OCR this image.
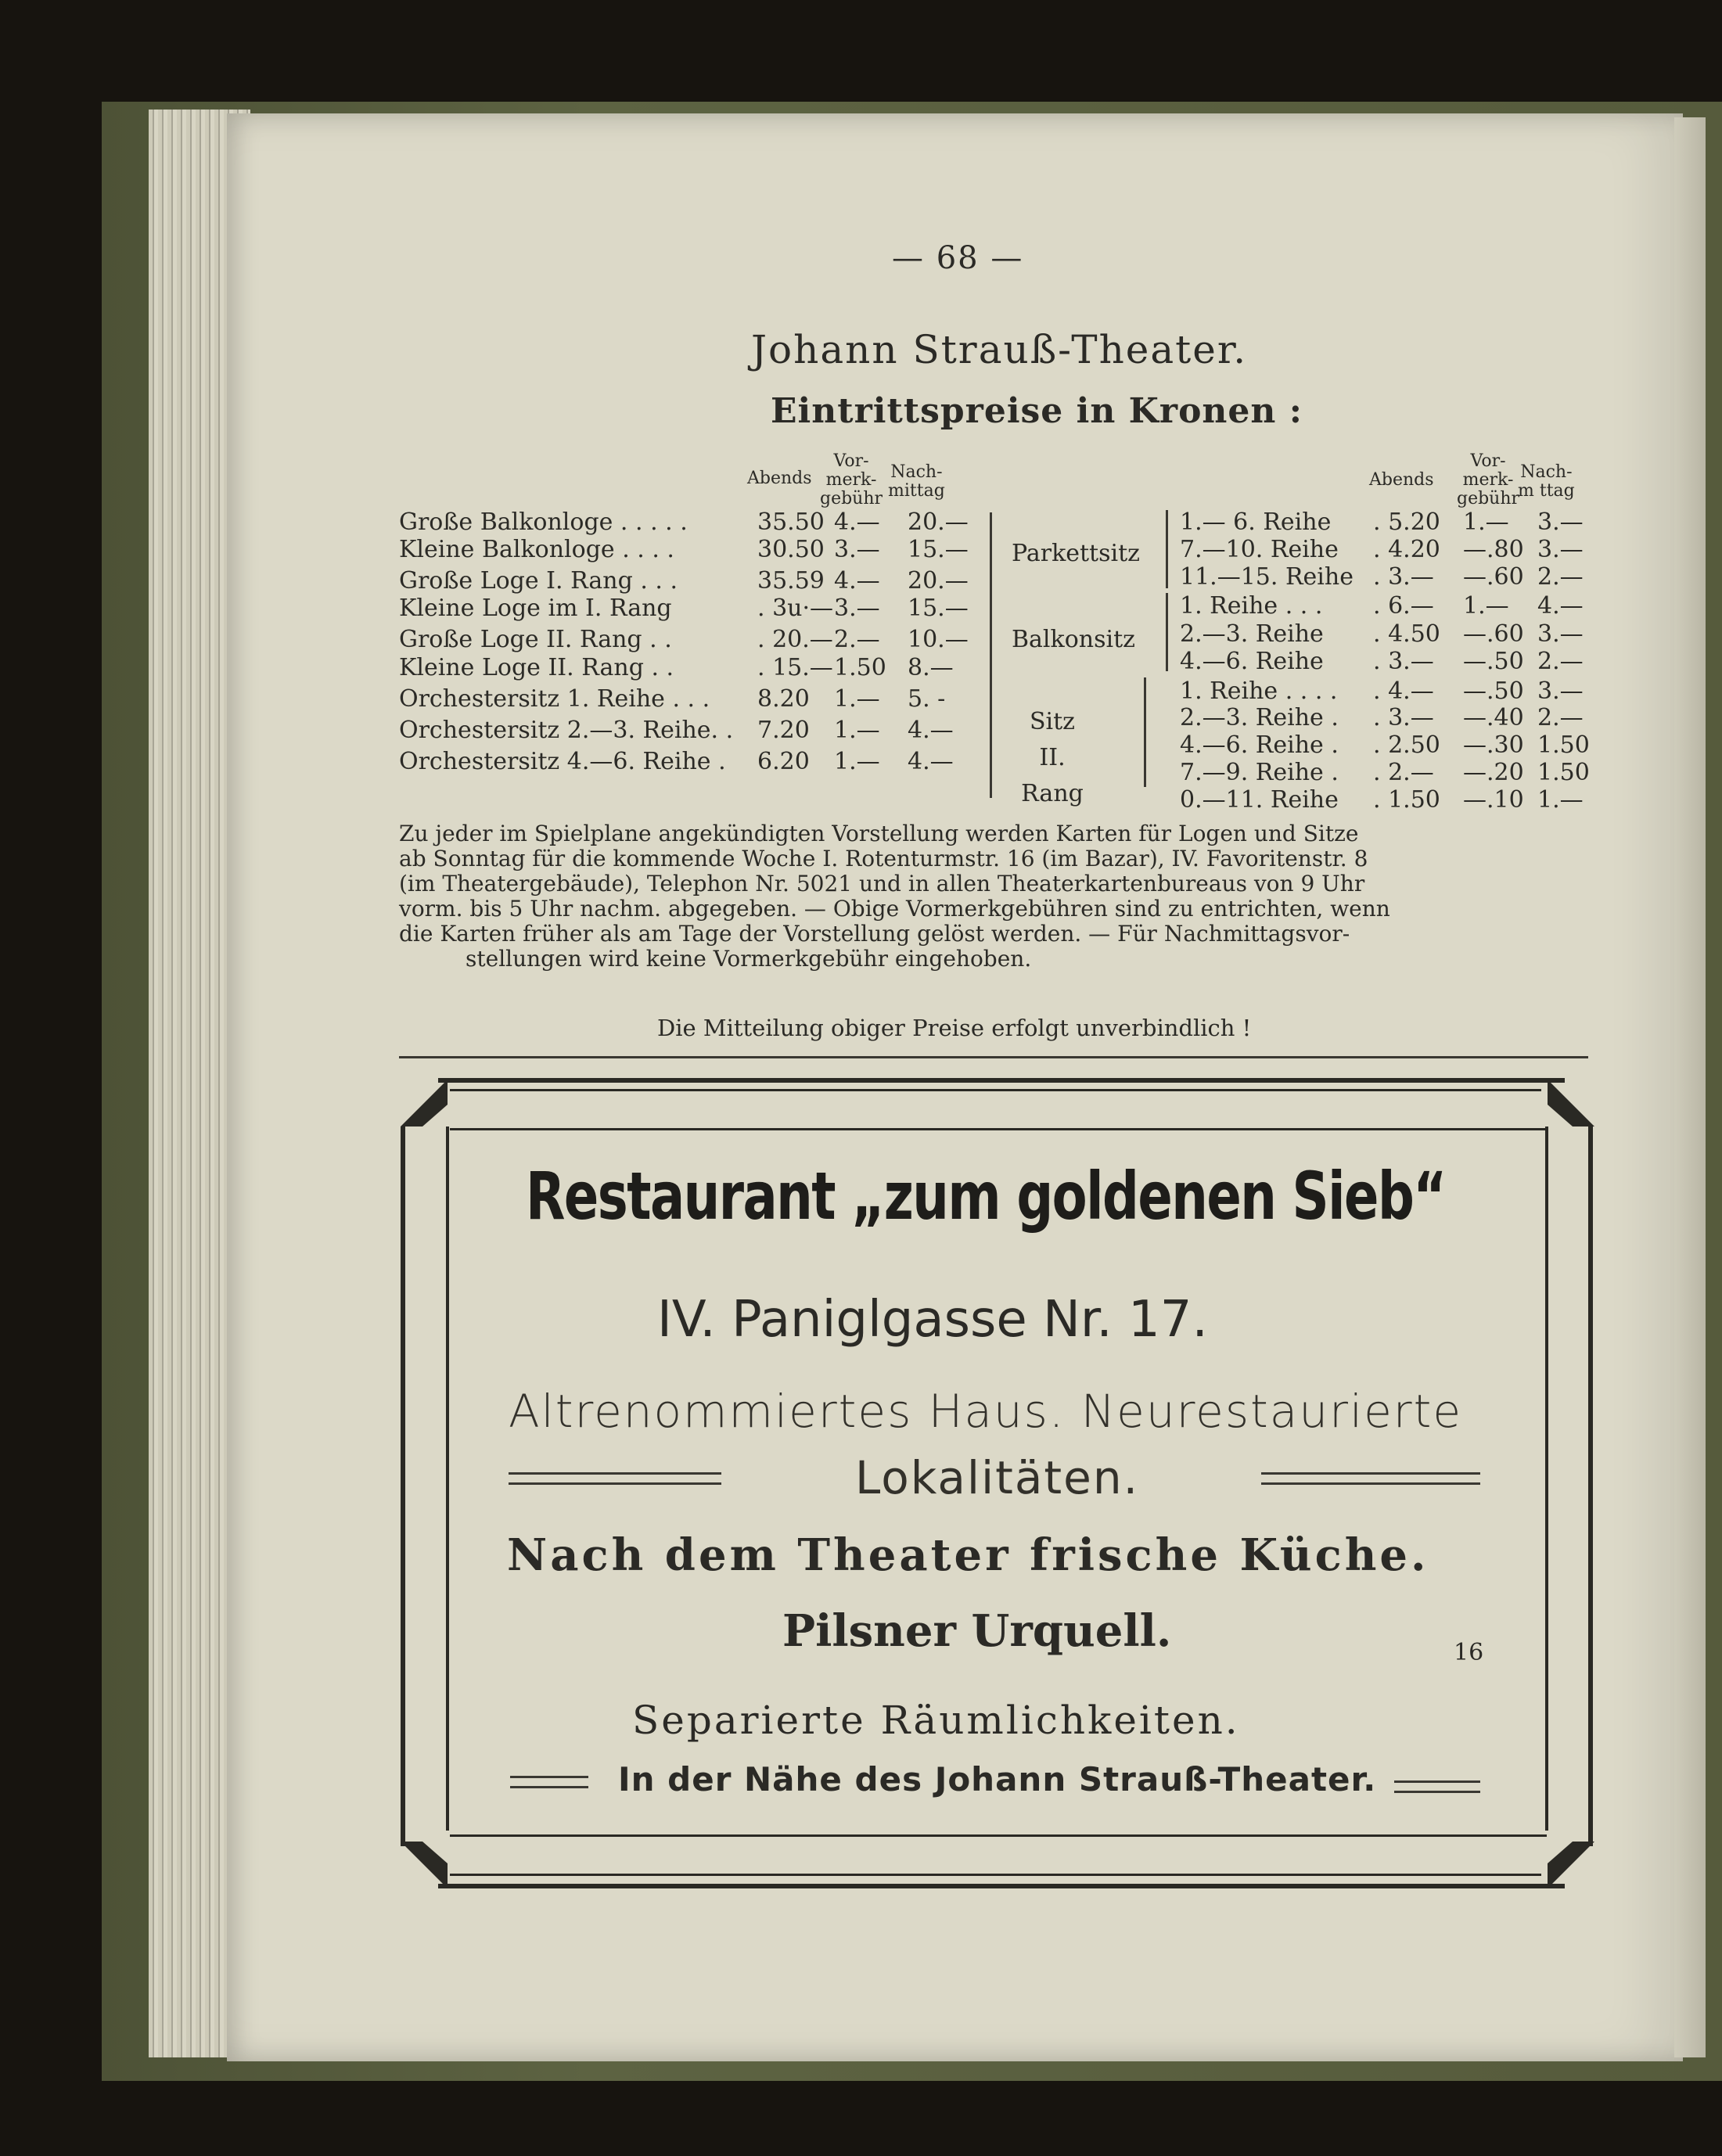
— 68 —
Johann Strauß-Theater.
Eintrittspreise in Kronen :
Abends
Vor-
merk-
gebühr
Nach-
mittag
Große Balkonloge . . . . .	35.50 4.— 20.—
Kleine Balkonloge . . . .	30.50 3.— 15.—
Große Loge I. Rang . . .	35.59 4.— 20.—
Kleine Loge im I. Rang	. 3u·— 3.— 15.—
Große Loge II. Rang . .	. 20.— 2.— 10.—
Kleine Loge II. Rang . .	. 15.— 1.50 8.—
Orchestersitz 1. Reihe . . . 8.20 1.— 5. -
Orchestersitz 2.—3. Reihe. . 7.20 1.— 4.—
Orchestersitz 4.—6. Reihe . 6.20 1.— 4.—
Abends
Vor-
merk-
gebühr
Nach-
m ttag
Parkettsitz
1.— 6. Reihe . 5.20 1.— 3.—
7.—10. Reihe . 4.20 —.80 3.—
11.—15. Reihe . 3.— —.60 2.—
Balkonsitz
1. Reihe . . . . 6.— 1.— 4.—
2.—3. Reihe . 4.50 —.60 3.—
4.—6. Reihe . 3.— —.50 2.—
Sitz
II. Rang
1. Reihe . . . . . 4.— —.50 3.—
2.—3. Reihe . . 3.— —.40 2.—
4.—6. Reihe . . 2.50 —.30 1.50
7.—9. Reihe . . 2.— —.20 1.50
0.—11. Reihe . 1.50 —.10 1.—
Zu jeder im Spielplane angekündigten Vorstellung werden Karten für Logen und Sitze
ab Sonntag für die kommende Woche I. Rotenturmstr. 16 (im Bazar), IV. Favoritenstr. 8
(im Theatergebäude), Telephon Nr. 5021 und in allen Theaterkartenbureaus von 9 Uhr
vorm. bis 5 Uhr nachm. abgegeben. — Obige Vormerkgebühren sind zu entrichten, wenn
die Karten früher als am Tage der Vorstellung gelöst werden. — Für Nachmittagsvor-
stellungen wird keine Vormerkgebühr eingehoben.
Die Mitteilung obiger Preise erfolgt unverbindlich !
Restaurant „zum goldenen Sieb“
IV. Paniglgasse Nr. 17.
Altrenommiertes Haus. Neurestaurierte
Lokalitäten.
Nach dem Theater frische Küche.
Pilsner Urquell.	16
Separierte Räumlichkeiten.
In der Nähe des Johann Strauß-Theater.
